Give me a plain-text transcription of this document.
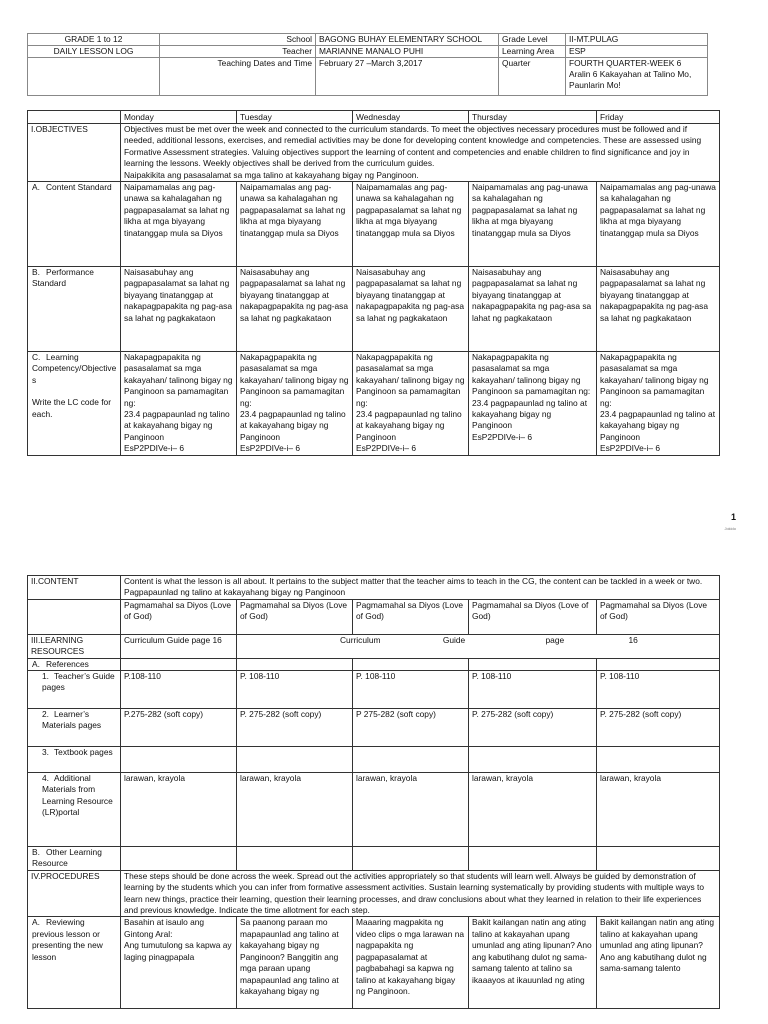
GRADE 1 to 12	School	BAGONG BUHAY ELEMENTARY SCHOOL	Grade Level	II-MT.PULAG
DAILY LESSON LOG	Teacher	MARIANNE MANALO PUHI	Learning Area	ESP
	Teaching Dates and Time	February 27 –March 3,2017	Quarter	FOURTH QUARTER-WEEK 6
Aralin 6 Kakayahan at Talino Mo, Paunlarin Mo!
	Monday	Tuesday	Wednesday	Thursday	Friday
I.OBJECTIVES	Objectives must be met over the week and connected to the curriculum standards. To meet the objectives necessary procedures must be followed and if needed, additional lessons, exercises, and remedial activities may be done for developing content knowledge and competencies. These are assessed using Formative Assessment strategies. Valuing objectives support the learning of content and competencies and enable children to find significance and joy in learning the lessons. Weekly objectives shall be derived from the curriculum guides.
Naipakikita ang pasasalamat sa mga talino at kakayahang bigay ng Panginoon.				
A. Content Standard	Naipamamalas ang pag-unawa sa kahalagahan ng pagpapasalamat sa lahat ng likha at mga biyayang tinatanggap mula sa Diyos	Naipamamalas ang pag-unawa sa kahalagahan ng pagpapasalamat sa lahat ng likha at mga biyayang tinatanggap mula sa Diyos	Naipamamalas ang pag-unawa sa kahalagahan ng pagpapasalamat sa lahat ng likha at mga biyayang tinatanggap mula sa Diyos	Naipamamalas ang pag-unawa sa kahalagahan ng pagpapasalamat sa lahat ng likha at mga biyayang tinatanggap mula sa Diyos	Naipamamalas ang pag-unawa sa kahalagahan ng pagpapasalamat sa lahat ng likha at mga biyayang tinatanggap mula sa Diyos
B. Performance Standard	Naisasabuhay ang pagpapasalamat sa lahat ng biyayang tinatanggap at nakapagpapakita ng pag-asa sa lahat ng pagkakataon	Naisasabuhay ang pagpapasalamat sa lahat ng biyayang tinatanggap at nakapagpapakita ng pag-asa sa lahat ng pagkakataon	Naisasabuhay ang pagpapasalamat sa lahat ng biyayang tinatanggap at nakapagpapakita ng pag-asa sa lahat ng pagkakataon	Naisasabuhay ang pagpapasalamat sa lahat ng biyayang tinatanggap at nakapagpapakita ng pag-asa sa lahat ng pagkakataon	Naisasabuhay ang pagpapasalamat sa lahat ng biyayang tinatanggap at nakapagpapakita ng pag-asa sa lahat ng pagkakataon
C. Learning Competency/Objectives
Write the LC code for each.	Nakapagpapakita ng pasasalamat sa mga kakayahan/ talinong bigay ng Panginoon sa pamamagitan ng:
23.4 pagpapaunlad ng talino at kakayahang bigay ng Panginoon
EsP2PDIVe-i– 6	Nakapagpapakita ng pasasalamat sa mga kakayahan/ talinong bigay ng Panginoon sa pamamagitan ng:
23.4 pagpapaunlad ng talino at kakayahang bigay ng Panginoon
EsP2PDIVe-i– 6	Nakapagpapakita ng pasasalamat sa mga kakayahan/ talinong bigay ng Panginoon sa pamamagitan ng:
23.4 pagpapaunlad ng talino at kakayahang bigay ng Panginoon
EsP2PDIVe-i– 6	Nakapagpapakita ng pasasalamat sa mga kakayahan/ talinong bigay ng Panginoon sa pamamagitan ng:
23.4 pagpapaunlad ng talino at kakayahang bigay ng Panginoon
EsP2PDIVe-i– 6	Nakapagpapakita ng pasasalamat sa mga kakayahan/ talinong bigay ng Panginoon sa pamamagitan ng:
23.4 pagpapaunlad ng talino at kakayahang bigay ng Panginoon
EsP2PDIVe-i– 6
1
Jokido
II.CONTENT	Content is what the lesson is all about. It pertains to the subject matter that the teacher aims to teach in the CG, the content can be tackled in a week or two.
Pagpapaunlad ng talino at kakayahang bigay ng Panginoon				
	Pagmamahal sa Diyos (Love of God)	Pagmamahal sa Diyos (Love of God)	Pagmamahal sa Diyos (Love of God)	Pagmamahal sa Diyos (Love of God)	Pagmamahal sa Diyos (Love of God)
III.LEARNING RESOURCES	Curriculum Guide page 16	Curriculum Guide page 16			
A. References					
1. Teacher’s Guide pages	P.108-110	P. 108-110	P. 108-110	P. 108-110	P. 108-110
2. Learner’s Materials pages	P.275-282 (soft copy)	P. 275-282 (soft copy)	P 275-282 (soft copy)	P. 275-282 (soft copy)	P. 275-282 (soft copy)
3. Textbook pages					
4. Additional Materials from Learning Resource (LR)portal	larawan, krayola	larawan, krayola	larawan, krayola	larawan, krayola	larawan, krayola
B. Other Learning Resource					
IV.PROCEDURES	These steps should be done across the week. Spread out the activities appropriately so that students will learn well. Always be guided by demonstration of learning by the students which you can infer from formative assessment activities. Sustain learning systematically by providing students with multiple ways to learn new things, practice their learning, question their learning processes, and draw conclusions about what they learned in relation to their life experiences and previous knowledge. Indicate the time allotment for each step.				
A. Reviewing previous lesson or presenting the new lesson	Basahin at isaulo ang Gintong Aral:
Ang tumutulong sa kapwa ay laging pinagpapala	Sa paanong paraan mo mapapaunlad ang talino at kakayahang bigay ng Panginoon? Banggitin ang mga paraan upang mapapaunlad ang talino at kakayahang bigay ng	Maaaring magpakita ng video clips o mga larawan na nagpapakita ng pagpapasalamat at pagbabahagi sa kapwa ng talino at kakayahang bigay ng Panginoon.	Bakit kailangan natin ang ating talino at kakayahan upang umunlad ang ating lipunan? Ano ang kabutihang dulot ng sama-samang talento at talino sa ikaaayos at ikauunlad ng ating	Bakit kailangan natin ang ating talino at kakayahan upang umunlad ang ating lipunan? Ano ang kabutihang dulot ng sama-samang talento
